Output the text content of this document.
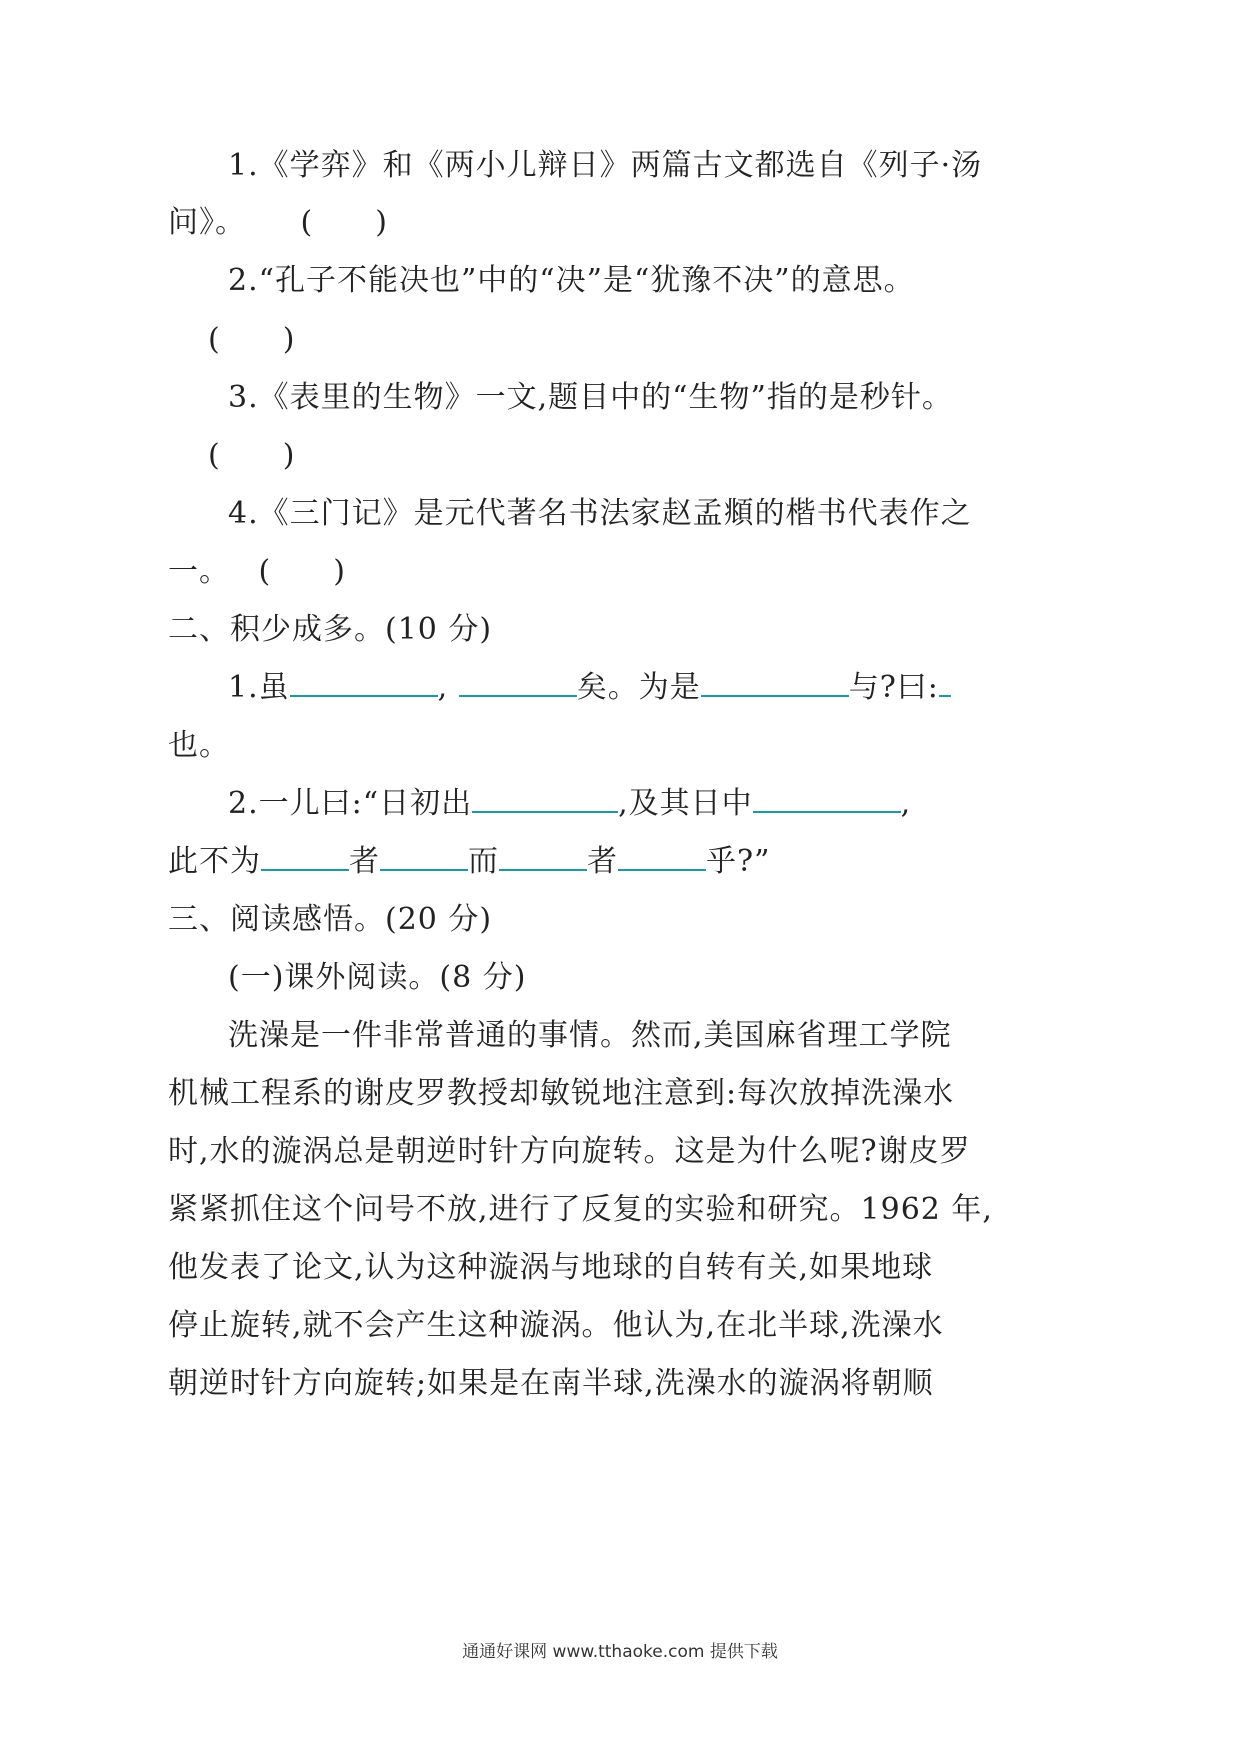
1.《学弈》和《两小儿辩日》两篇古文都选自《列子·汤
问》。 (　　)
2.“孔子不能决也”中的“决”是“犹豫不决”的意思。
(　　)
3.《表里的生物》一文,题目中的“生物”指的是秒针。
(　　)
4.《三门记》是元代著名书法家赵孟頫的楷书代表作之
一。 (　　)
二、积少成多。(10 分)
1.虽	,	矣。为是	与?曰:
也。
2.一儿曰:“日初出	,及其日中	,
此不为	者	而	者	乎?”
三、阅读感悟。(20 分)
(一)课外阅读。(8 分)
洗澡是一件非常普通的事情。然而,美国麻省理工学院
机械工程系的谢皮罗教授却敏锐地注意到:每次放掉洗澡水
时,水的漩涡总是朝逆时针方向旋转。这是为什么呢?谢皮罗
紧紧抓住这个问号不放,进行了反复的实验和研究。1962 年,
他发表了论文,认为这种漩涡与地球的自转有关,如果地球
停止旋转,就不会产生这种漩涡。他认为,在北半球,洗澡水
朝逆时针方向旋转;如果是在南半球,洗澡水的漩涡将朝顺
通通好课网 www.tthaoke.com 提供下载
